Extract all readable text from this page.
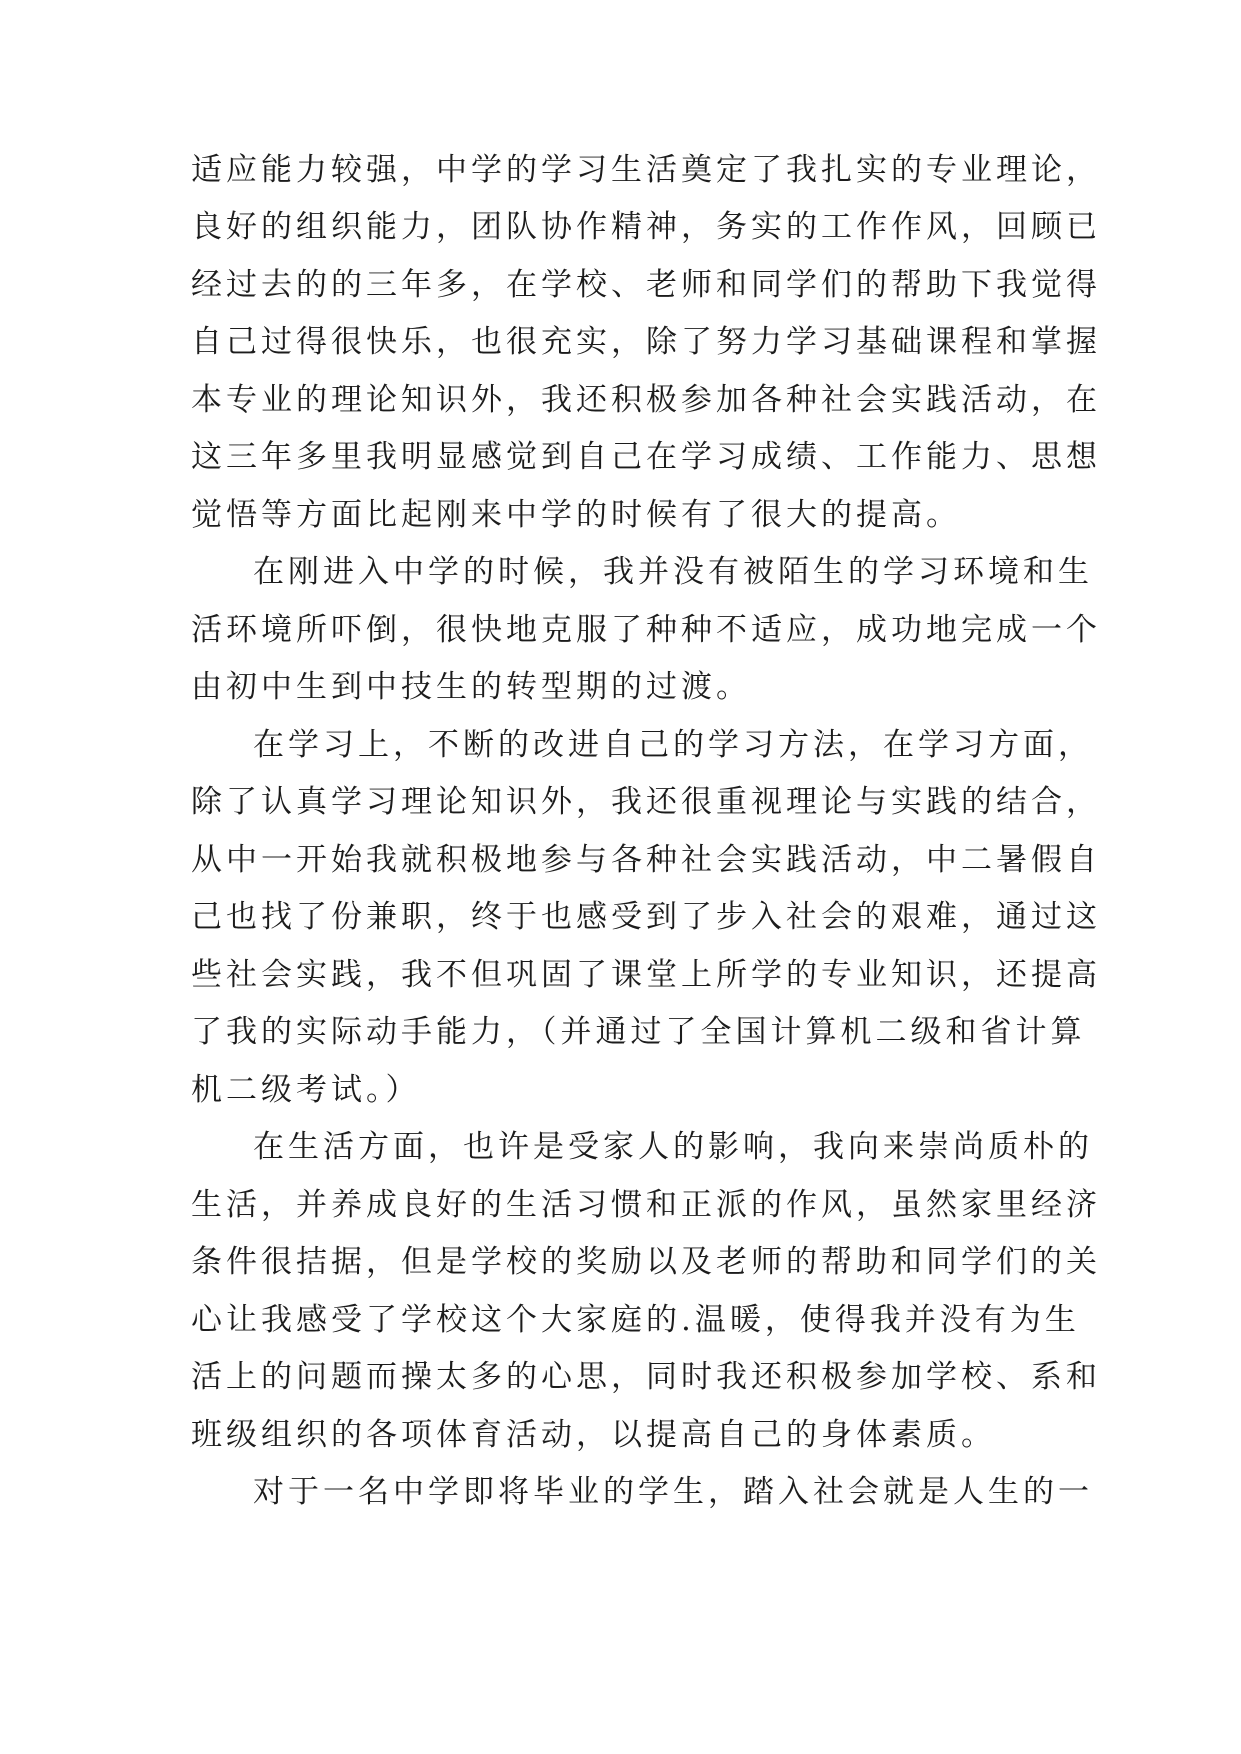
适应能力较强，中学的学习生活奠定了我扎实的专业理论，
良好的组织能力，团队协作精神，务实的工作作风，回顾已
经过去的的三年多，在学校、老师和同学们的帮助下我觉得
自己过得很快乐，也很充实，除了努力学习基础课程和掌握
本专业的理论知识外，我还积极参加各种社会实践活动，在
这三年多里我明显感觉到自己在学习成绩、工作能力、思想
觉悟等方面比起刚来中学的时候有了很大的提高。
在刚进入中学的时候，我并没有被陌生的学习环境和生
活环境所吓倒，很快地克服了种种不适应，成功地完成一个
由初中生到中技生的转型期的过渡。
在学习上，不断的改进自己的学习方法，在学习方面，
除了认真学习理论知识外，我还很重视理论与实践的结合，
从中一开始我就积极地参与各种社会实践活动，中二暑假自
己也找了份兼职，终于也感受到了步入社会的艰难，通过这
些社会实践，我不但巩固了课堂上所学的专业知识，还提高
了我的实际动手能力，（并通过了全国计算机二级和省计算
机二级考试。）
在生活方面，也许是受家人的影响，我向来崇尚质朴的
生活，并养成良好的生活习惯和正派的作风，虽然家里经济
条件很拮据，但是学校的奖励以及老师的帮助和同学们的关
心让我感受了学校这个大家庭的.温暖，使得我并没有为生
活上的问题而操太多的心思，同时我还积极参加学校、系和
班级组织的各项体育活动，以提高自己的身体素质。
对于一名中学即将毕业的学生，踏入社会就是人生的一
